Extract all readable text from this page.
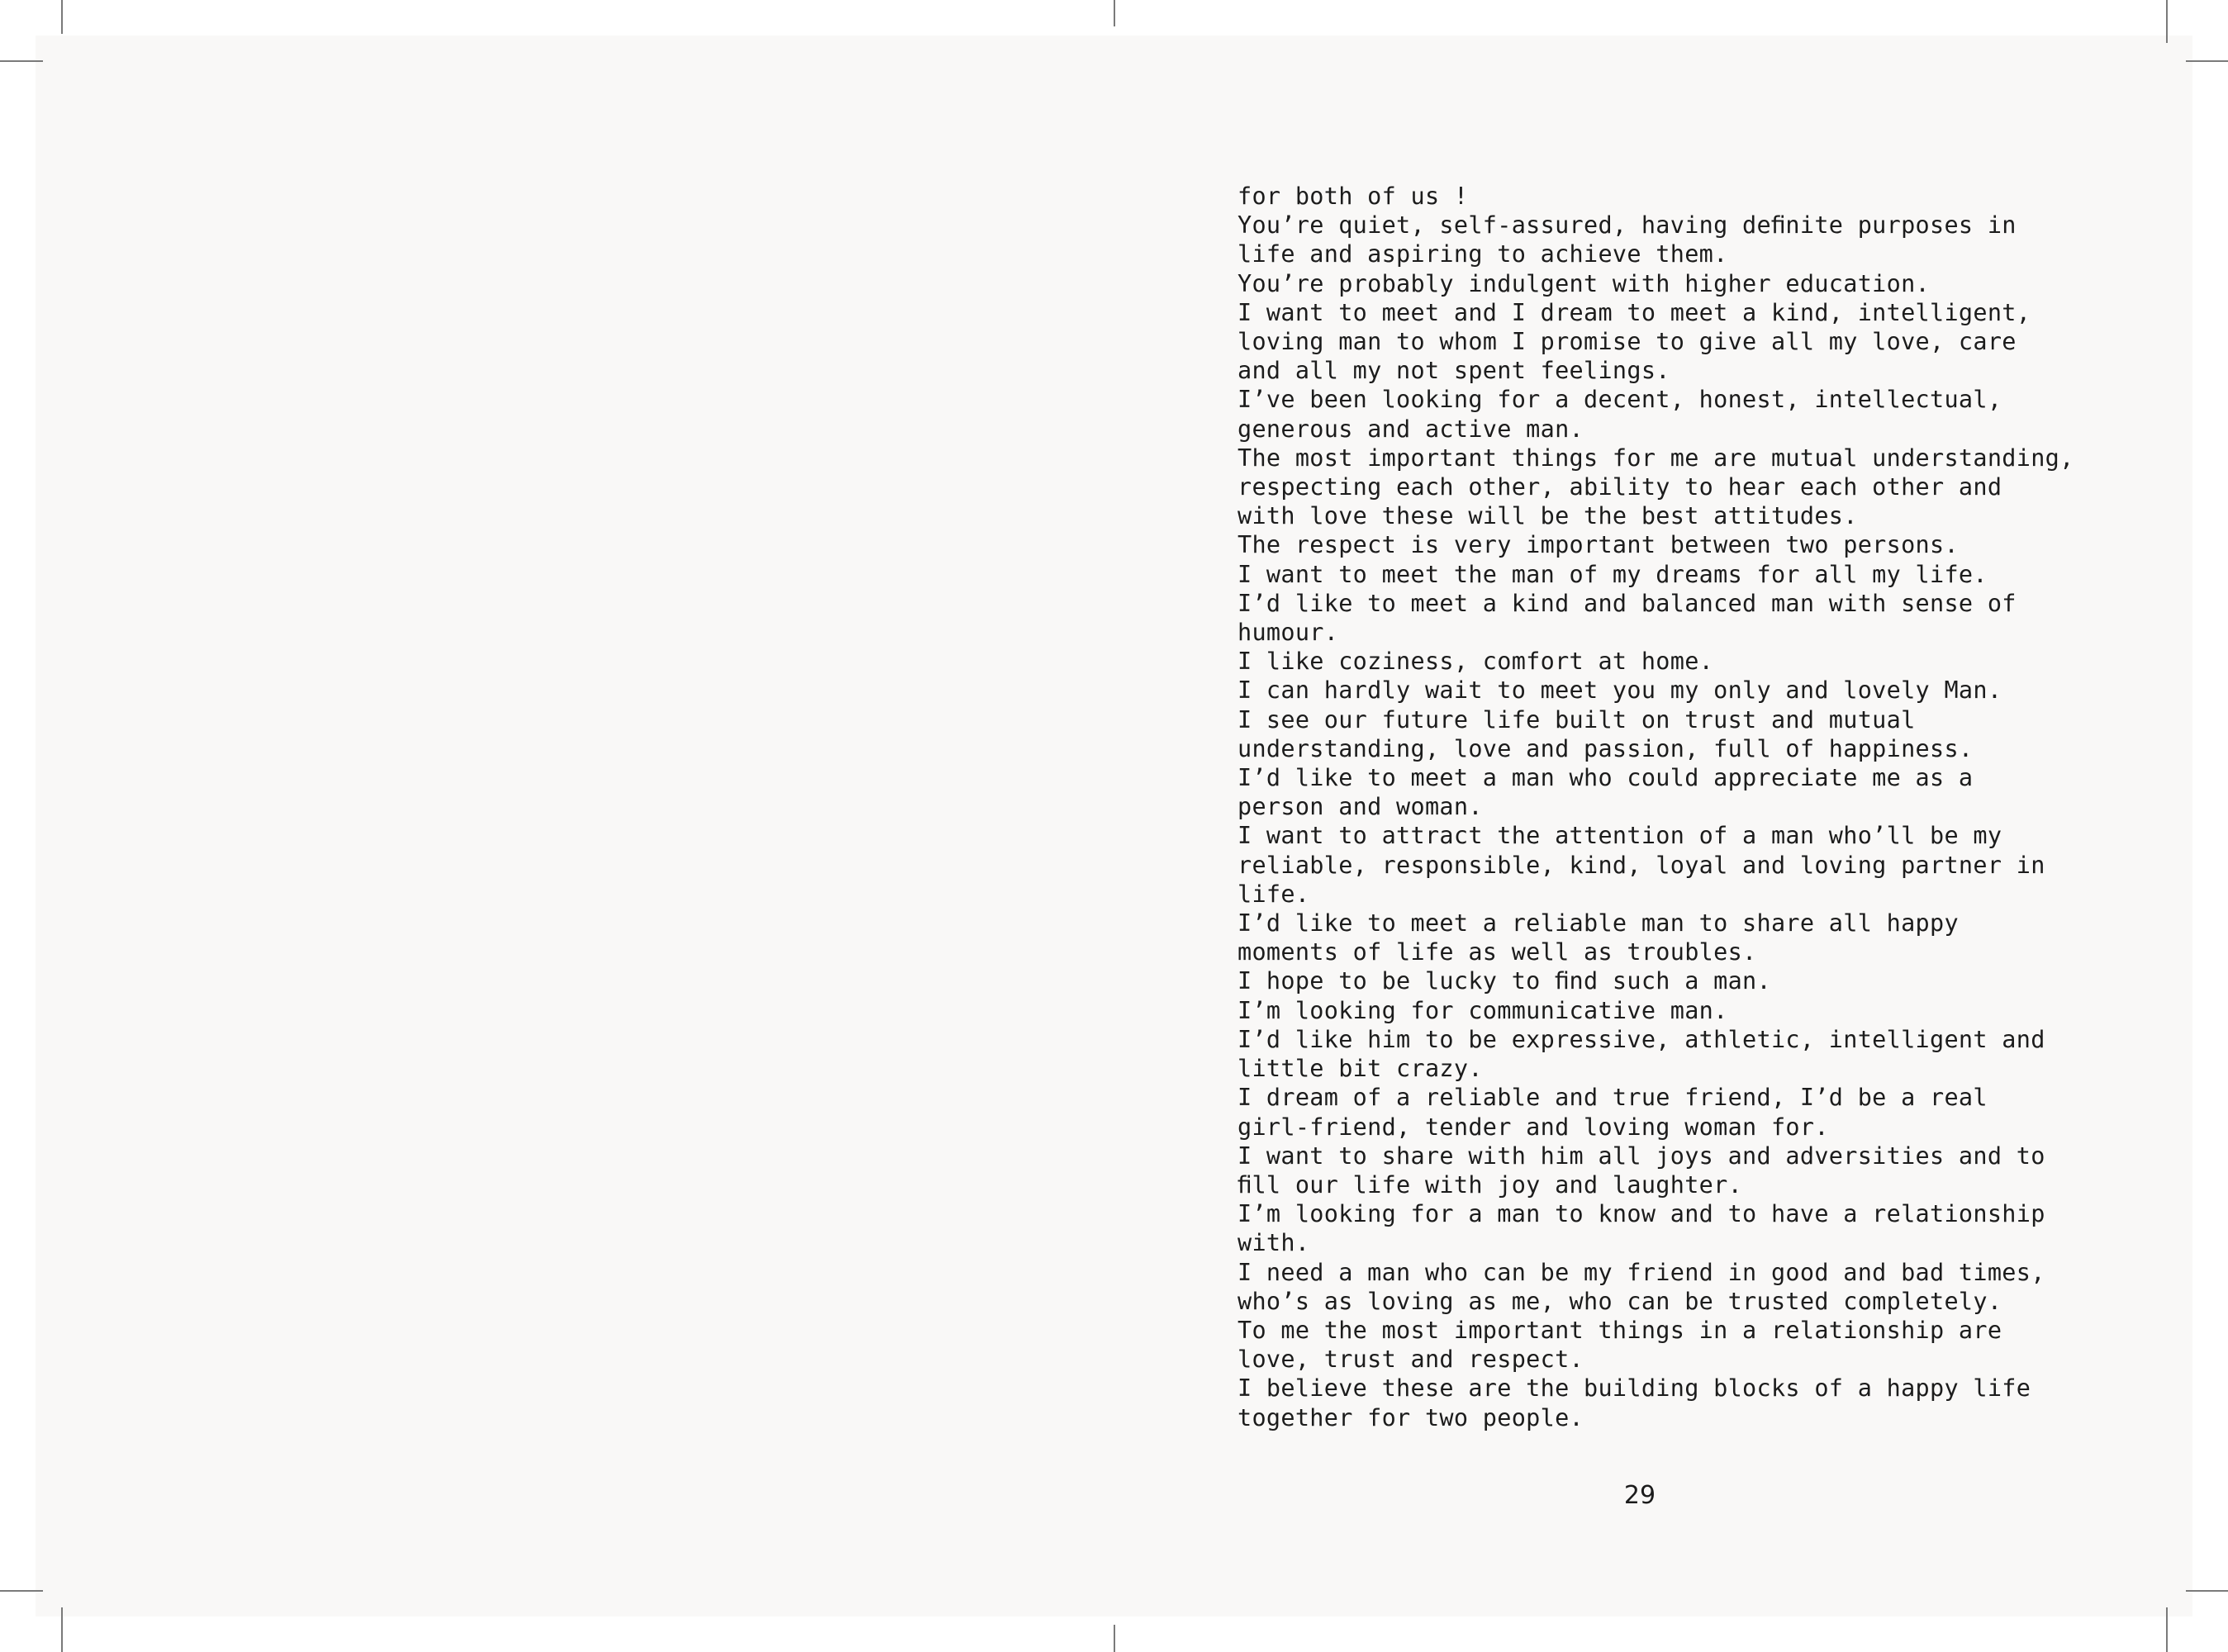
for both of us !
You’re quiet, self-assured, having deﬁnite purposes in
life and aspiring to achieve them.
You’re probably indulgent with higher education.
I want to meet and I dream to meet a kind, intelligent,
loving man to whom I promise to give all my love, care
and all my not spent feelings.
I’ve been looking for a decent, honest, intellectual,
generous and active man.
The most important things for me are mutual understanding,
respecting each other, ability to hear each other and
with love these will be the best attitudes.
The respect is very important between two persons.
I want to meet the man of my dreams for all my life.
I’d like to meet a kind and balanced man with sense of
humour.
I like coziness, comfort at home.
I can hardly wait to meet you my only and lovely Man.
I see our future life built on trust and mutual
understanding, love and passion, full of happiness.
I’d like to meet a man who could appreciate me as a
person and woman.
I want to attract the attention of a man who’ll be my
reliable, responsible, kind, loyal and loving partner in
life.
I’d like to meet a reliable man to share all happy
moments of life as well as troubles.
I hope to be lucky to ﬁnd such a man.
I’m looking for communicative man.
I’d like him to be expressive, athletic, intelligent and
little bit crazy.
I dream of a reliable and true friend, I’d be a real
girl-friend, tender and loving woman for.
I want to share with him all joys and adversities and to
ﬁll our life with joy and laughter.
I’m looking for a man to know and to have a relationship
with.
I need a man who can be my friend in good and bad times,
who’s as loving as me, who can be trusted completely.
To me the most important things in a relationship are
love, trust and respect.
I believe these are the building blocks of a happy life
together for two people.
29
